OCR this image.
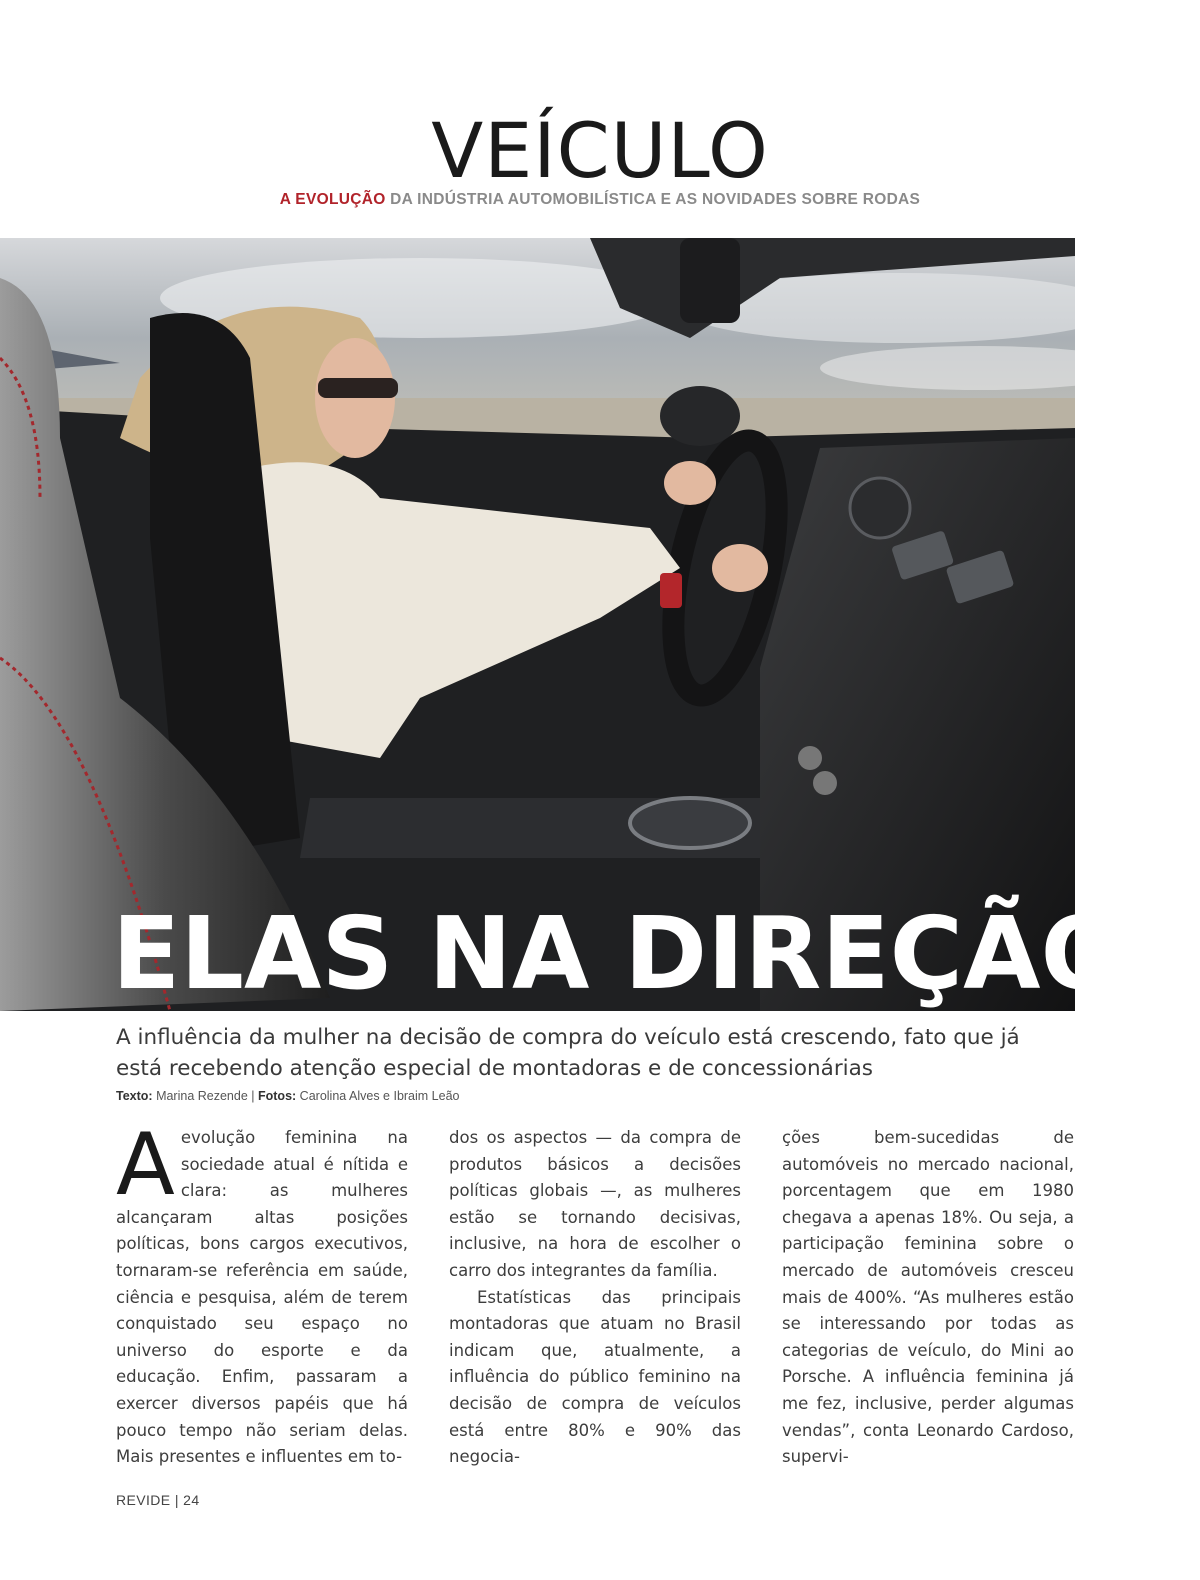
VEÍCULO
A EVOLUÇÃO DA INDÚSTRIA AUTOMOBILÍSTICA E AS NOVIDADES SOBRE RODAS
ELAS NA DIREÇÃO
A influência da mulher na decisão de compra do veículo está crescendo, fato que já está recebendo atenção especial de montadoras e de concessionárias
Texto: Marina Rezende | Fotos: Carolina Alves e Ibraim Leão
A evolução feminina na sociedade atual é nítida e clara: as mulheres alcançaram altas posições políticas, bons cargos executivos, tornaram-se referência em saúde, ciência e pesquisa, além de terem conquistado seu espaço no universo do esporte e da educação. Enfim, passaram a exercer diversos papéis que há pouco tempo não seriam delas. Mais presentes e influentes em to-

dos os aspectos — da compra de produtos básicos a decisões políticas globais —, as mulheres estão se tornando decisivas, inclusive, na hora de escolher o carro dos integrantes da família.

Estatísticas das principais montadoras que atuam no Brasil indicam que, atualmente, a influência do público feminino na decisão de compra de veículos está entre 80% e 90% das negocia-

ções bem-sucedidas de automóveis no mercado nacional, porcentagem que em 1980 chegava a apenas 18%. Ou seja, a participação feminina sobre o mercado de automóveis cresceu mais de 400%. “As mulheres estão se interessando por todas as categorias de veículo, do Mini ao Porsche. A influência feminina já me fez, inclusive, perder algumas vendas”, conta Leonardo Cardoso, supervi-

REVIDE | 24
